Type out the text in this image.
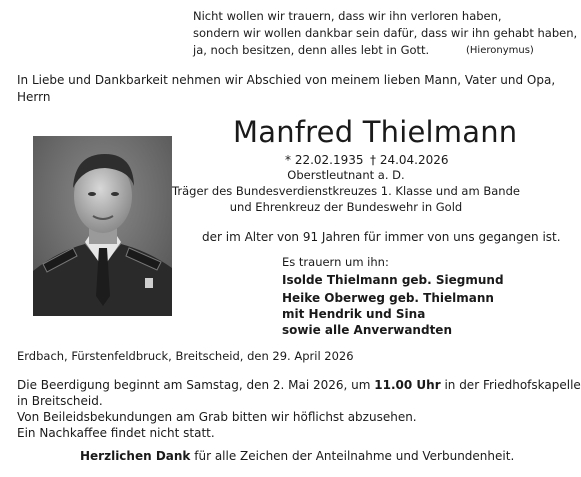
Nicht wollen wir trauern, dass wir ihn verloren haben,
sondern wir wollen dankbar sein dafür, dass wir ihn gehabt haben,
ja, noch besitzen, denn alles lebt in Gott.	(Hieronymus)
In Liebe und Dankbarkeit nehmen wir Abschied von meinem lieben Mann, Vater und Opa,
Herrn
Manfred Thielmann
* 22.02.1935 † 24.04.2026
Oberstleutnant a. D.
Träger des Bundesverdienstkreuzes 1. Klasse und am Bande
und Ehrenkreuz der Bundeswehr in Gold
der im Alter von 91 Jahren für immer von uns gegangen ist.
Es trauern um ihn:
Isolde Thielmann geb. Siegmund
Heike Oberweg geb. Thielmann
mit Hendrik und Sina
sowie alle Anverwandten
Erdbach, Fürstenfeldbruck, Breitscheid, den 29. April 2026
Die Beerdigung beginnt am Samstag, den 2. Mai 2026, um 11.00 Uhr in der Friedhofskapelle
in Breitscheid.
Von Beileidsbekundungen am Grab bitten wir höflichst abzusehen.
Ein Nachkaffee findet nicht statt.
Herzlichen Dank für alle Zeichen der Anteilnahme und Verbundenheit.
